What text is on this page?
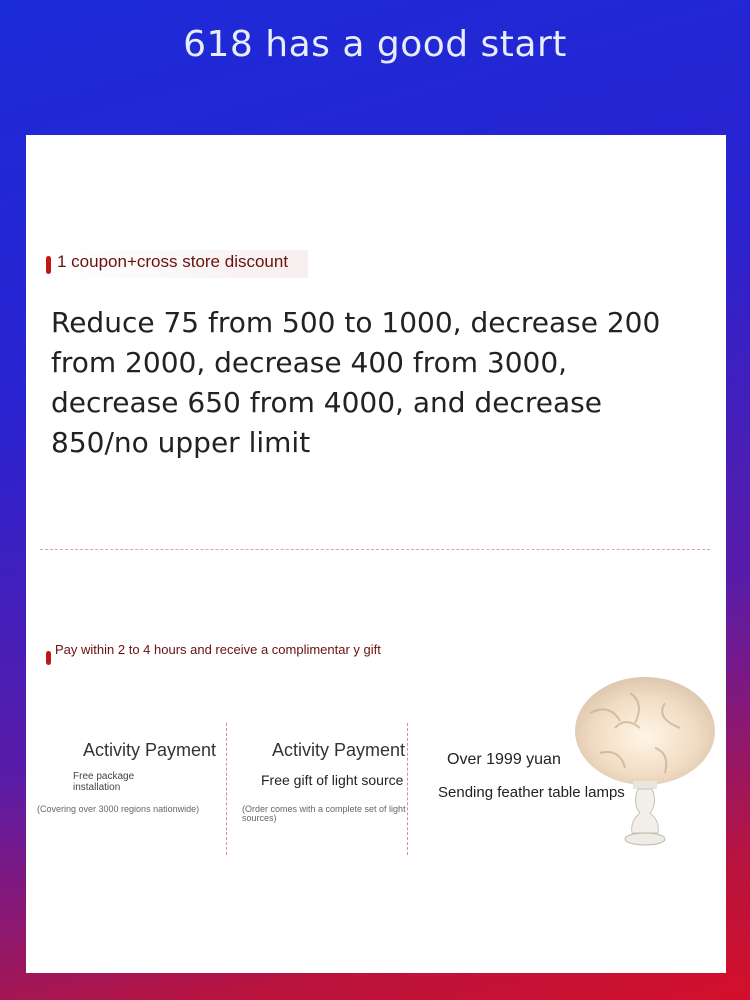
618 has a good start
1 coupon+cross store discount
Reduce 75 from 500 to 1000, decrease 200 from 2000, decrease 400 from 3000, decrease 650 from 4000, and decrease 850/no upper limit
Pay within 2 to 4 hours and receive a complimentar y gift
Activity Payment
Free package installation
(Covering over 3000 regions nationwide)
Activity Payment
Free gift of light source
(Order comes with a complete set of light sources)
Over 1999 yuan
Sending feather table lamps
